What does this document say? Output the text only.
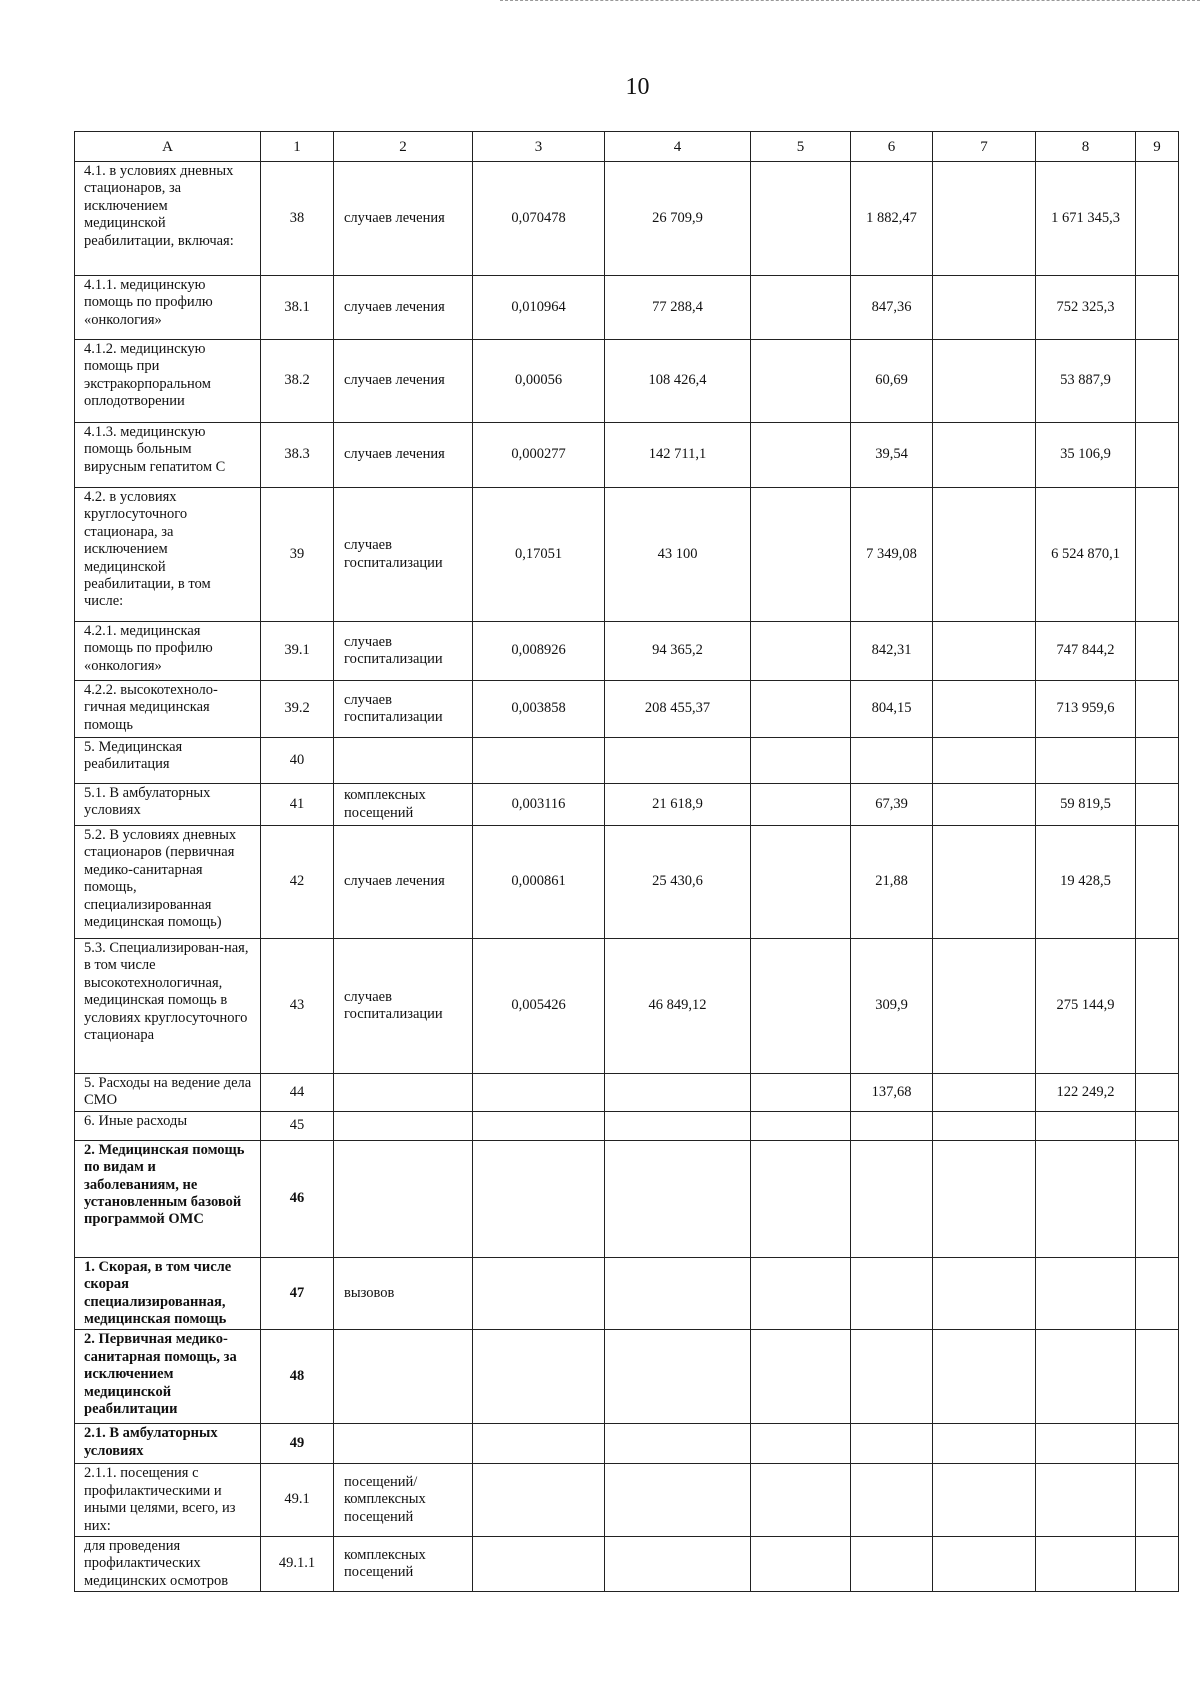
10
А	1	2	3	4	5	6	7	8	9
4.1. в условиях дневных стационаров, за исключением медицинской реабилитации, включая:	38	случаев лечения	0,070478	26 709,9		1 882,47		1 671 345,3	
4.1.1. медицинскую помощь по профилю «онкология»	38.1	случаев лечения	0,010964	77 288,4		847,36		752 325,3	
4.1.2. медицинскую помощь при экстракорпоральном оплодотворении	38.2	случаев лечения	0,00056	108 426,4		60,69		53 887,9	
4.1.3. медицинскую помощь больным вирусным гепатитом С	38.3	случаев лечения	0,000277	142 711,1		39,54		35 106,9	
4.2. в условиях круглосуточного стационара, за исключением медицинской реабилитации, в том числе:	39	случаев госпитализации	0,17051	43 100		7 349,08		6 524 870,1	
4.2.1. медицинская помощь по профилю «онкология»	39.1	случаев госпитализации	0,008926	94 365,2		842,31		747 844,2	
4.2.2. высокотехноло-гичная медицинская помощь	39.2	случаев госпитализации	0,003858	208 455,37		804,15		713 959,6	
5. Медицинская реабилитация	40								
5.1. В амбулаторных условиях	41	комплексных посещений	0,003116	21 618,9		67,39		59 819,5	
5.2. В условиях дневных стационаров (первичная медико-санитарная помощь, специализированная медицинская помощь)	42	случаев лечения	0,000861	25 430,6		21,88		19 428,5	
5.3. Специализирован-ная, в том числе высокотехнологичная, медицинская помощь в условиях круглосуточного стационара	43	случаев госпитализации	0,005426	46 849,12		309,9		275 144,9	
5. Расходы на ведение дела СМО	44					137,68		122 249,2	
6. Иные расходы	45								
2. Медицинская помощь по видам и заболеваниям, не установленным базовой программой ОМС	46								
1. Скорая, в том числе скорая специализированная, медицинская помощь	47	вызовов							
2. Первичная медико-санитарная помощь, за исключением медицинской реабилитации	48								
2.1. В амбулаторных условиях	49								
2.1.1. посещения с профилактическими и иными целями, всего, из них:	49.1	посещений/ комплексных посещений							
для проведения профилактических медицинских осмотров	49.1.1	комплексных посещений							
